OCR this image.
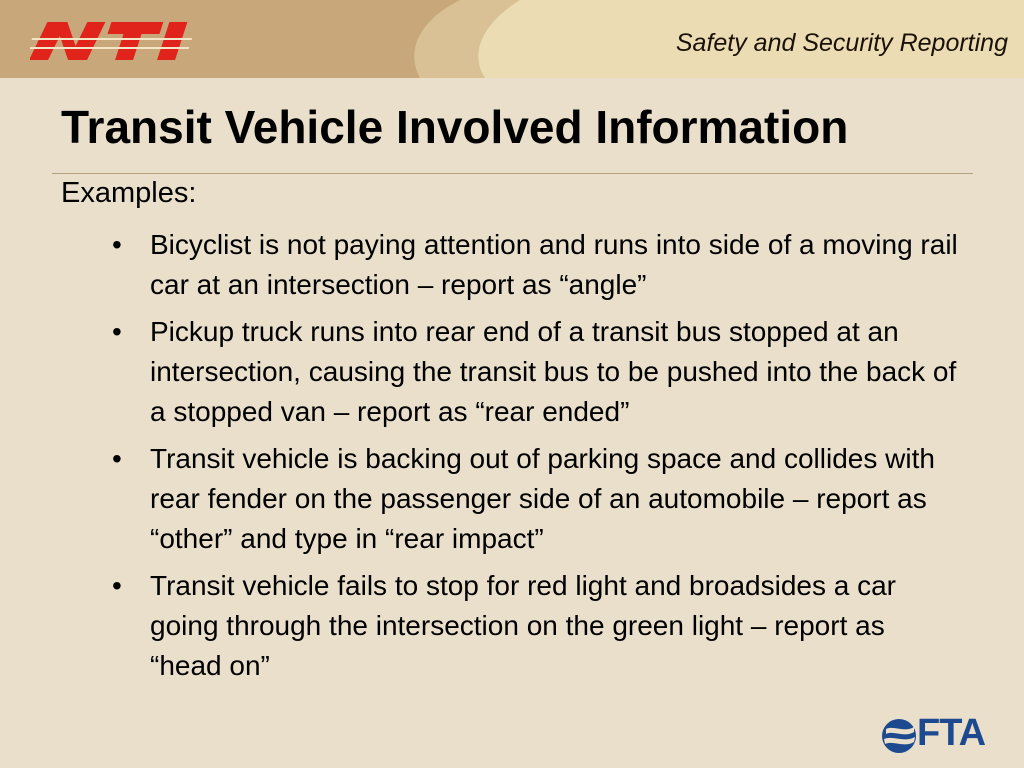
Safety and Security Reporting
Transit Vehicle Involved Information
Examples:
• Bicyclist is not paying attention and runs into side of a moving rail car at an intersection – report as “angle”
• Pickup truck runs into rear end of a transit bus stopped at an intersection, causing the transit bus to be pushed into the back of a stopped van – report as “rear ended”
• Transit vehicle is backing out of parking space and collides with rear fender on the passenger side of an automobile – report as “other” and type in “rear impact”
• Transit vehicle fails to stop for red light and broadsides a car going through the intersection on the green light – report as “head on”
FTA
